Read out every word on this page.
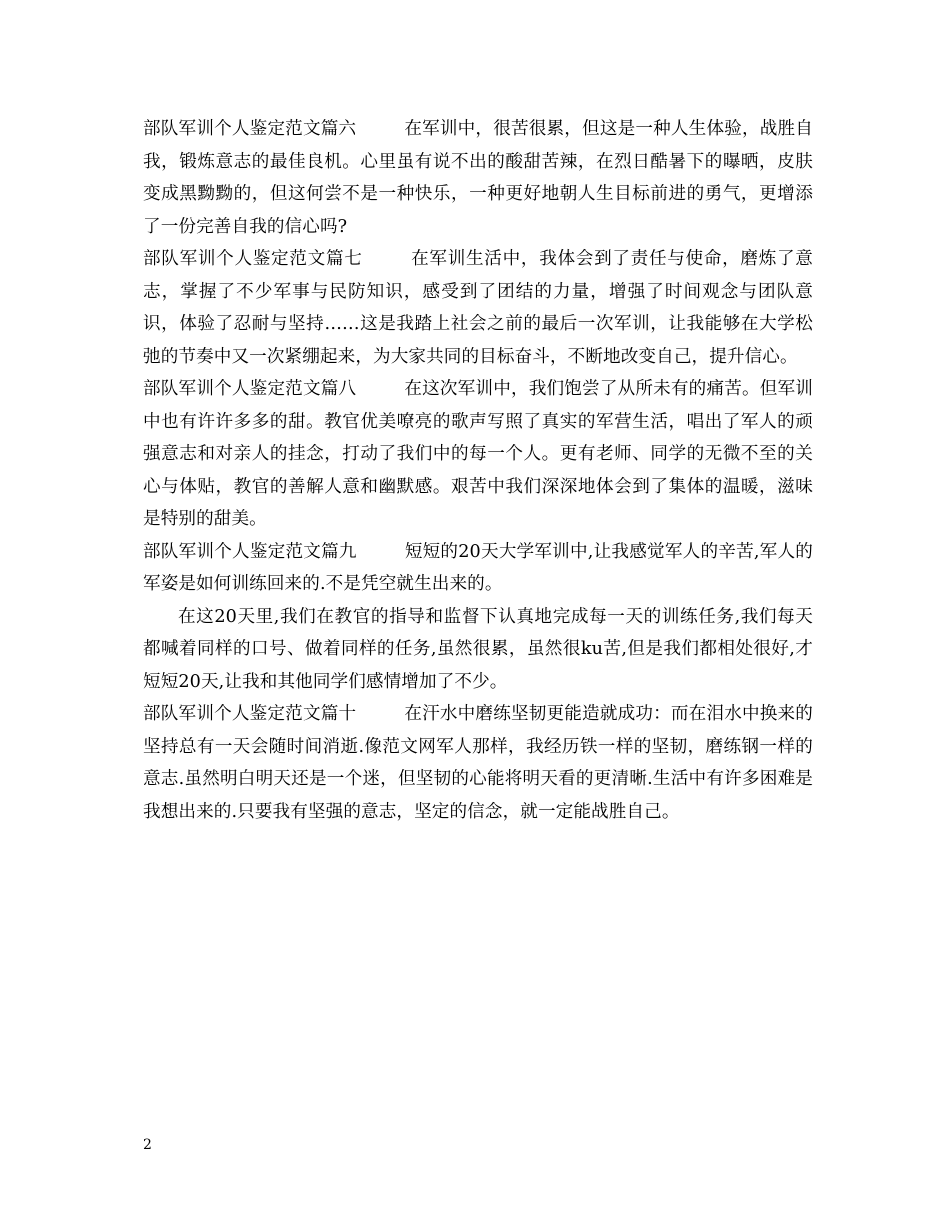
部队军训个人鉴定范文篇六	在军训中，很苦很累，但这是一种人生体验，战胜自我，锻炼意志的最佳良机。心里虽有说不出的酸甜苦辣，在烈日酷暑下的曝晒，皮肤变成黑黝黝的，但这何尝不是一种快乐，一种更好地朝人生目标前进的勇气，更增添了一份完善自我的信心吗?

部队军训个人鉴定范文篇七	在军训生活中，我体会到了责任与使命，磨炼了意志，掌握了不少军事与民防知识，感受到了团结的力量，增强了时间观念与团队意识，体验了忍耐与坚持……这是我踏上社会之前的最后一次军训，让我能够在大学松弛的节奏中又一次紧绷起来，为大家共同的目标奋斗，不断地改变自己，提升信心。

部队军训个人鉴定范文篇八	在这次军训中，我们饱尝了从所未有的痛苦。但军训中也有许许多多的甜。教官优美嘹亮的歌声写照了真实的军营生活，唱出了军人的顽强意志和对亲人的挂念，打动了我们中的每一个人。更有老师、同学的无微不至的关心与体贴，教官的善解人意和幽默感。艰苦中我们深深地体会到了集体的温暖，滋味是特别的甜美。

部队军训个人鉴定范文篇九	短短的20天大学军训中,让我感觉军人的辛苦,军人的军姿是如何训练回来的.不是凭空就生出来的。

在这20天里,我们在教官的指导和监督下认真地完成每一天的训练任务,我们每天都喊着同样的口号、做着同样的任务,虽然很累，虽然很ku苦,但是我们都相处很好,才短短20天,让我和其他同学们感情增加了不少。

部队军训个人鉴定范文篇十	在汗水中磨练坚韧更能造就成功：而在泪水中换来的坚持总有一天会随时间消逝.像范文网军人那样，我经历铁一样的坚韧，磨练钢一样的意志.虽然明白明天还是一个迷，但坚韧的心能将明天看的更清晰.生活中有许多困难是我想出来的.只要我有坚强的意志，坚定的信念，就一定能战胜自己。

2
